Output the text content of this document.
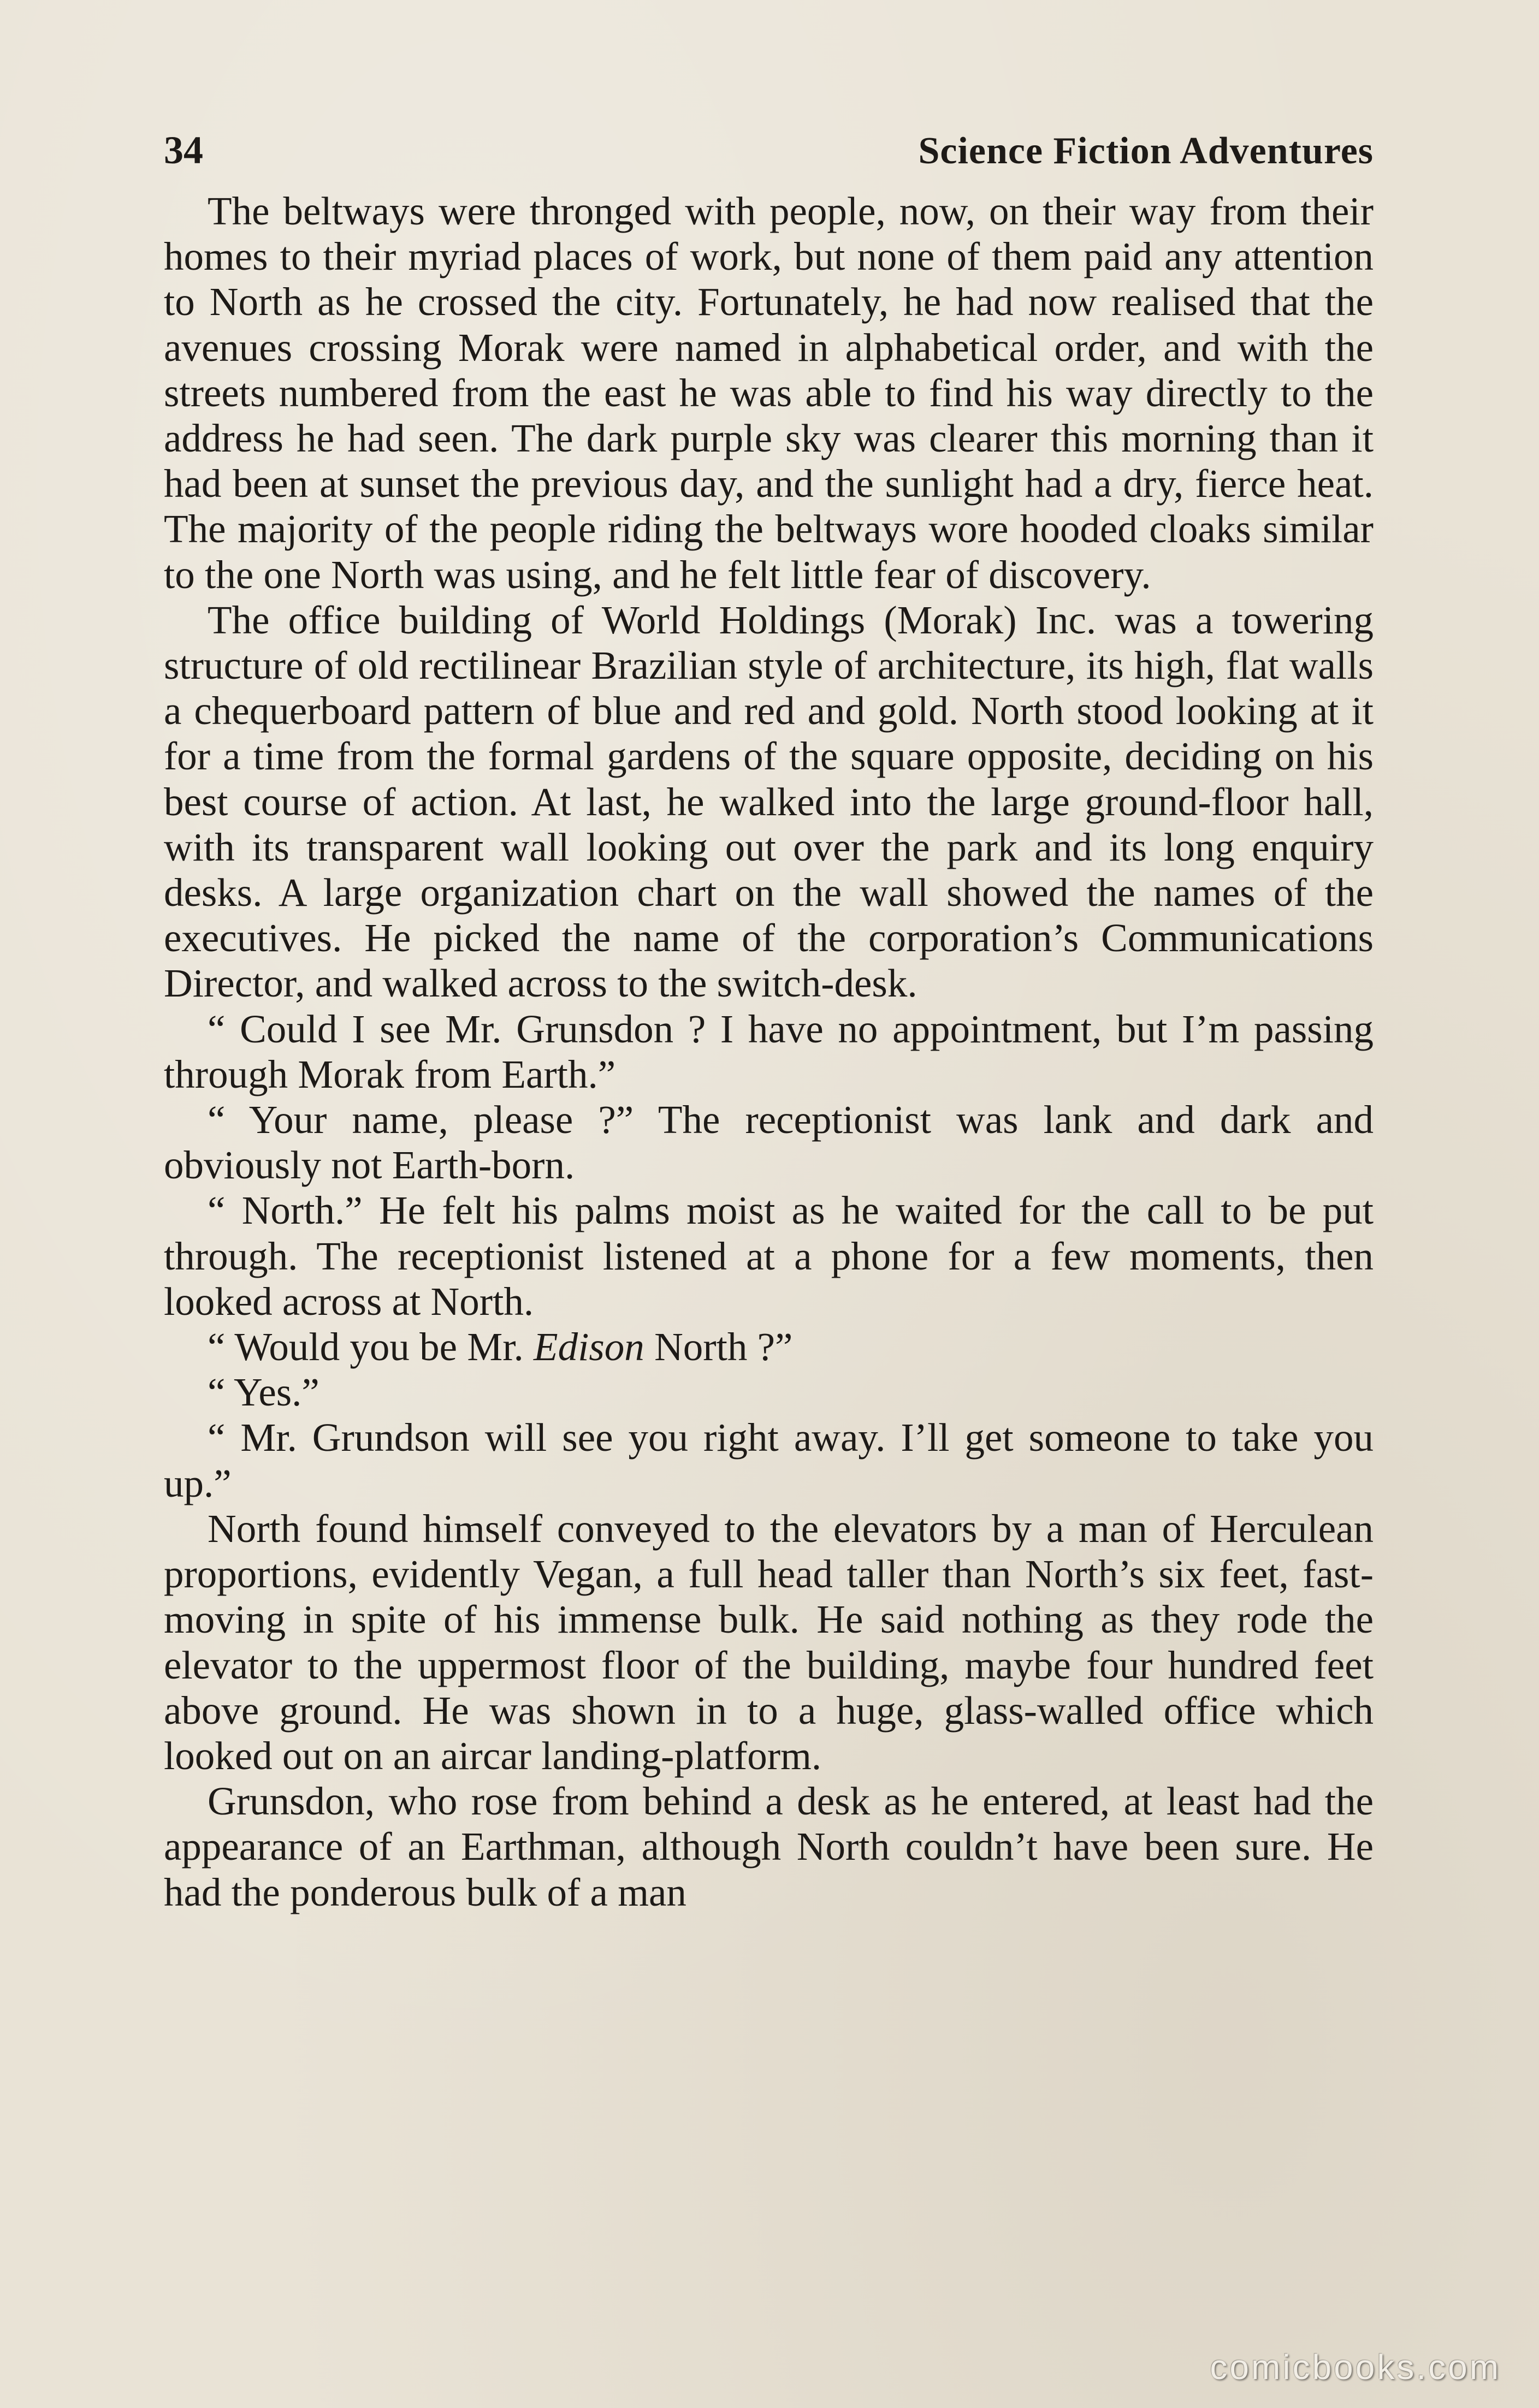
34	Science Fiction Adventures

The beltways were thronged with people, now, on their way from their homes to their myriad places of work, but none of them paid any attention to North as he crossed the city. Fortunately, he had now realised that the avenues crossing Morak were named in alphabetical order, and with the streets numbered from the east he was able to find his way directly to the address he had seen. The dark purple sky was clearer this morning than it had been at sunset the previous day, and the sunlight had a dry, fierce heat. The majority of the people riding the beltways wore hooded cloaks similar to the one North was using, and he felt little fear of discovery.

The office building of World Holdings (Morak) Inc. was a towering structure of old rectilinear Brazilian style of architecture, its high, flat walls a chequerboard pattern of blue and red and gold. North stood looking at it for a time from the formal gardens of the square opposite, deciding on his best course of action. At last, he walked into the large ground-floor hall, with its transparent wall looking out over the park and its long enquiry desks. A large organization chart on the wall showed the names of the executives. He picked the name of the corporation’s Communications Director, and walked across to the switch-desk.

“ Could I see Mr. Grunsdon ? I have no appointment, but I’m passing through Morak from Earth.”

“ Your name, please ?” The receptionist was lank and dark and obviously not Earth-born.

“ North.” He felt his palms moist as he waited for the call to be put through. The receptionist listened at a phone for a few moments, then looked across at North.

“ Would you be Mr. Edison North ?”

“ Yes.”

“ Mr. Grundson will see you right away. I’ll get someone to take you up.”

North found himself conveyed to the elevators by a man of Herculean proportions, evidently Vegan, a full head taller than North’s six feet, fast-moving in spite of his immense bulk. He said nothing as they rode the elevator to the uppermost floor of the building, maybe four hundred feet above ground. He was shown in to a huge, glass-walled office which looked out on an aircar landing-platform.

Grunsdon, who rose from behind a desk as he entered, at least had the appearance of an Earthman, although North couldn’t have been sure. He had the ponderous bulk of a man

comicbooks.com
